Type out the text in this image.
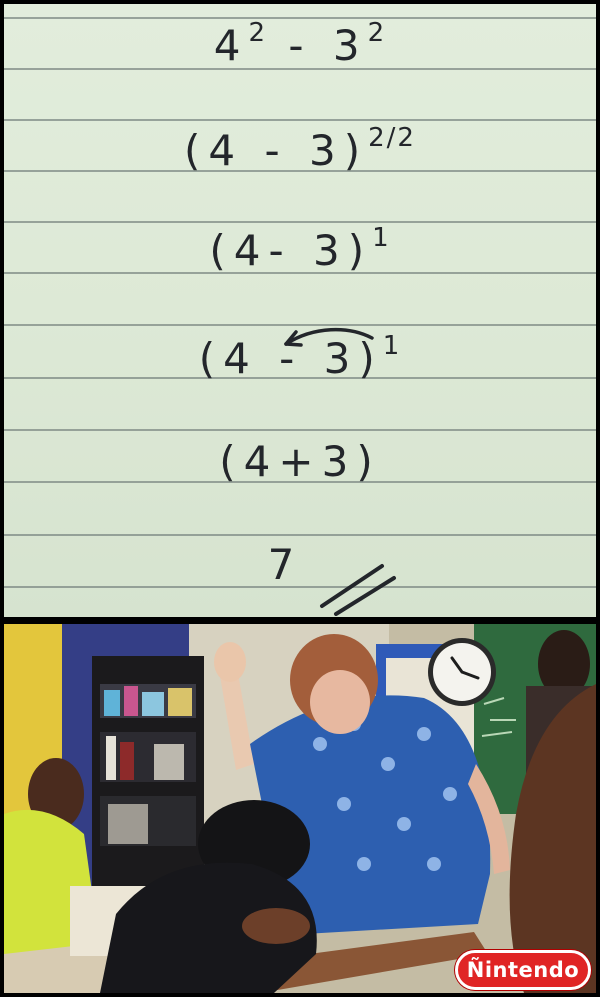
$4^2 - 3^2$
(4 - 3)$^{2/2}$
(4- 3)$^1$
(4 - 3)$^1$
(4+3)
7
Ñintendo
